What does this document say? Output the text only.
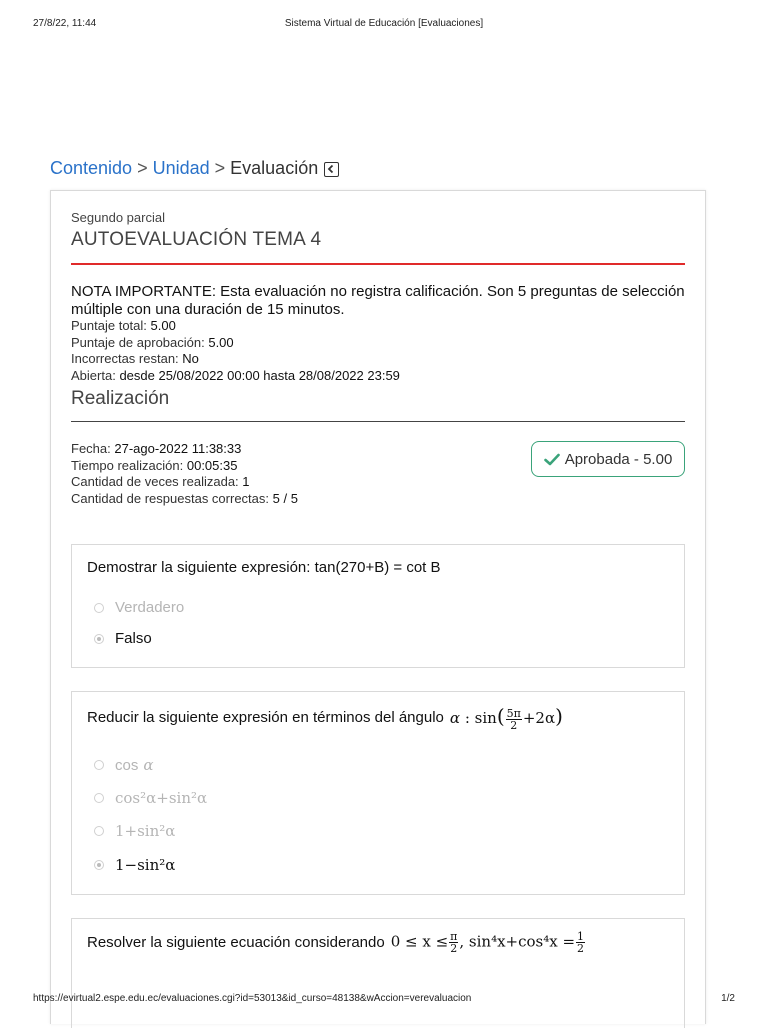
27/8/22, 11:44	Sistema Virtual de Educación [Evaluaciones]
Contenido > Unidad > Evaluación
Segundo parcial
AUTOEVALUACIÓN TEMA 4
NOTA IMPORTANTE: Esta evaluación no registra calificación. Son 5 preguntas de selección múltiple con una duración de 15 minutos.
Puntaje total: 5.00
Puntaje de aprobación: 5.00
Incorrectas restan: No
Abierta: desde 25/08/2022 00:00 hasta 28/08/2022 23:59
Realización
Fecha: 27-ago-2022 11:38:33
Tiempo realización: 00:05:35
Cantidad de veces realizada: 1
Cantidad de respuestas correctas: 5 / 5
Aprobada - 5.00
Demostrar la siguiente expresión: tan(270+B) = cot B
Verdadero
Falso
Reducir la siguiente expresión en términos del ángulo α : $\sin( \frac{5\pi}{2} +2\alpha)$
cos α
cos²α+sin²α
1+sin²α
1−sin²α
Resolver la siguiente ecuación considerando $0 \le x \le \frac{\pi}{2}$ , $\sin^4x+\cos^4x = \frac{1}{2}$
https://evirtual2.espe.edu.ec/evaluaciones.cgi?id=53013&id_curso=48138&wAccion=verevaluacion	1/2
